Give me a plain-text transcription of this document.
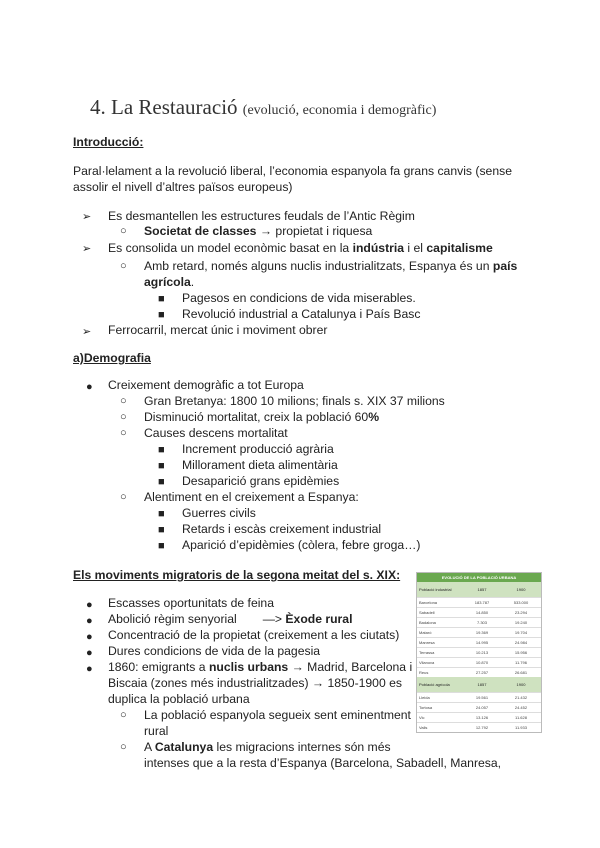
4. La Restauració (evolució, economia i demogràfic)
Introducció:
Paral·lelament a la revolució liberal, l’economia espanyola fa grans canvis (sense
assolir el nivell d’altres països europeus)
➢ Es desmantellen les estructures feudals de l’Antic Règim
○ Societat de classes → propietat i riquesa
➢ Es consolida un model econòmic basat en la indústria i el capitalisme
○ Amb retard, només alguns nuclis industrialitzats, Espanya és un país
agrícola.
■ Pagesos en condicions de vida miserables.
■ Revolució industrial a Catalunya i País Basc
➢ Ferrocarril, mercat únic i moviment obrer
a)Demografia
● Creixement demogràfic a tot Europa
○ Gran Bretanya: 1800 10 milions; finals s. XIX 37 milions
○ Disminució mortalitat, creix la població 60%
○ Causes descens mortalitat
■ Increment producció agrària
■ Millorament dieta alimentària
■ Desaparició grans epidèmies
○ Alentiment en el creixement a Espanya:
■ Guerres civils
■ Retards i escàs creixement industrial
■ Aparició d’epidèmies (còlera, febre groga…)
Els moviments migratoris de la segona meitat del s. XIX:
● Escasses oportunitats de feina
● Abolició règim senyorial —> Èxode rural
● Concentració de la propietat (creixement a les ciutats)
● Dures condicions de vida de la pagesia
● 1860: emigrants a nuclis urbans → Madrid, Barcelona i
Biscaia (zones més industrialitzades) → 1850-1900 es
duplica la població urbana
○ La població espanyola segueix sent eminentment
rural
○ A Catalunya les migracions internes són més
intenses que a la resta d’Espanya (Barcelona, Sabadell, Manresa,
EVOLUCIÓ DE LA POBLACIÓ URBANA
Població industrial	1857	1900
Barcelona	183.787	533.000
Sabadell	14.850	23.294
Badalona	7.303	19.240
Mataró	19.369	19.704
Manresa	14.995	24.984
Terrassa	10.213	15.956
Vilanova	10.870	11.796
Reus	27.257	26.681
Població agrícola	1857	1900
Lleida	19.561	21.432
Tortosa	24.057	24.452
Vic	13.126	11.628
Valls	12.792	11.933
